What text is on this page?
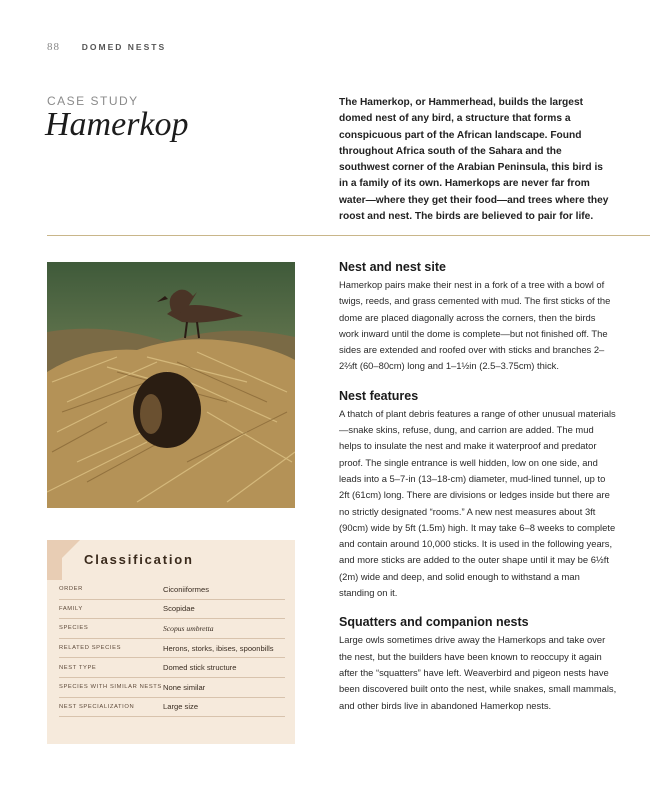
88	DOMED NESTS
CASE STUDY
Hamerkop
The Hamerkop, or Hammerhead, builds the largest domed nest of any bird, a structure that forms a conspicuous part of the African landscape. Found throughout Africa south of the Sahara and the southwest corner of the Arabian Peninsula, this bird is in a family of its own. Hamerkops are never far from water—where they get their food—and trees where they roost and nest. The birds are believed to pair for life.
Nest and nest site

Hamerkop pairs make their nest in a fork of a tree with a bowl of twigs, reeds, and grass cemented with mud. The first sticks of the dome are placed diagonally across the corners, then the birds work inward until the dome is complete—but not finished off. The sides are extended and roofed over with sticks and branches 2–2⅔ft (60–80cm) long and 1–1½in (2.5–3.75cm) thick.

Nest features

A thatch of plant debris features a range of other unusual materials—snake skins, refuse, dung, and carrion are added. The mud helps to insulate the nest and make it waterproof and predator proof. The single entrance is well hidden, low on one side, and leads into a 5–7-in (13–18-cm) diameter, mud-lined tunnel, up to 2ft (61cm) long. There are divisions or ledges inside but there are no strictly designated “rooms.” A new nest measures about 3ft (90cm) wide by 5ft (1.5m) high. It may take 6–8 weeks to complete and contain around 10,000 sticks. It is used in the following years, and more sticks are added to the outer shape until it may be 6½ft (2m) wide and deep, and solid enough to withstand a man standing on it.

Squatters and companion nests

Large owls sometimes drive away the Hamerkops and take over the nest, but the builders have been known to reoccupy it again after the “squatters” have left. Weaverbird and pigeon nests have been discovered built onto the nest, while snakes, small mammals, and other birds live in abandoned Hamerkop nests.

Classification
ORDER	Ciconiiformes
FAMILY	Scopidae
SPECIES	Scopus umbretta
RELATED SPECIES	Herons, storks, ibises, spoonbills
NEST TYPE	Domed stick structure
SPECIES WITH SIMILAR NESTS None similar
NEST SPECIALIZATION	Large size
